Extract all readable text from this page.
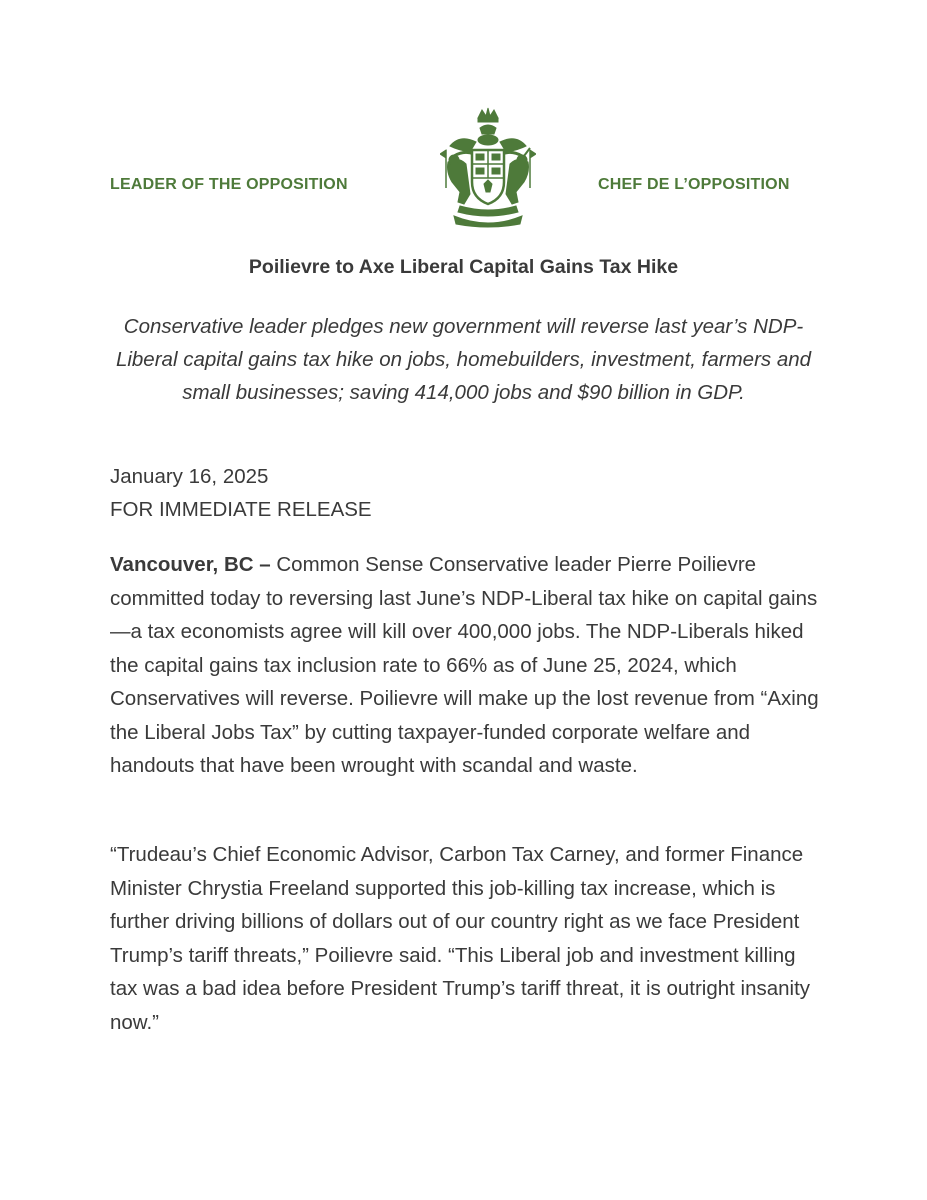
LEADER OF THE OPPOSITION	CHEF DE L’OPPOSITION
Poilievre to Axe Liberal Capital Gains Tax Hike
Conservative leader pledges new government will reverse last year’s NDP-Liberal capital gains tax hike on jobs, homebuilders, investment, farmers and small businesses; saving 414,000 jobs and $90 billion in GDP.
January 16, 2025
FOR IMMEDIATE RELEASE

Vancouver, BC – Common Sense Conservative leader Pierre Poilievre committed today to reversing last June’s NDP-Liberal tax hike on capital gains—a tax economists agree will kill over 400,000 jobs. The NDP-Liberals hiked the capital gains tax inclusion rate to 66% as of June 25, 2024, which Conservatives will reverse. Poilievre will make up the lost revenue from “Axing the Liberal Jobs Tax” by cutting taxpayer-funded corporate welfare and handouts that have been wrought with scandal and waste.

“Trudeau’s Chief Economic Advisor, Carbon Tax Carney, and former Finance Minister Chrystia Freeland supported this job-killing tax increase, which is further driving billions of dollars out of our country right as we face President Trump’s tariff threats,” Poilievre said. “This Liberal job and investment killing tax was a bad idea before President Trump’s tariff threat, it is outright insanity now.”
